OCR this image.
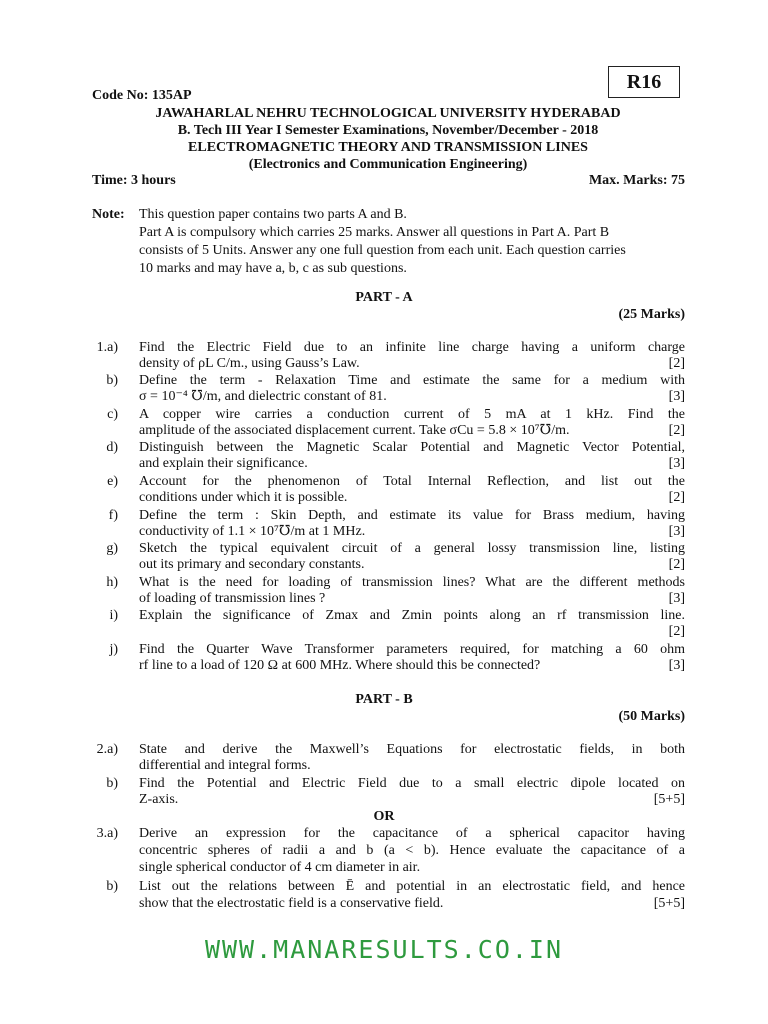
R16
Code No: 135AP
JAWAHARLAL NEHRU TECHNOLOGICAL UNIVERSITY HYDERABAD
B. Tech III Year I Semester Examinations, November/December - 2018
ELECTROMAGNETIC THEORY AND TRANSMISSION LINES
(Electronics and Communication Engineering)
Time: 3 hours	Max. Marks: 75
Note: This question paper contains two parts A and B.
Part A is compulsory which carries 25 marks. Answer all questions in Part A. Part B
consists of 5 Units. Answer any one full question from each unit. Each question carries
10 marks and may have a, b, c as sub questions.
PART - A
(25 Marks)
1.a) Find the Electric Field due to an infinite line charge having a uniform charge
density of ρL C/m., using Gauss’s Law.	[2]
b) Define the term - Relaxation Time and estimate the same for a medium with
σ = 10⁻⁴ ℧/m, and dielectric constant of 81.	[3]
c) A copper wire carries a conduction current of 5 mA at 1 kHz. Find the
amplitude of the associated displacement current. Take σCu = 5.8 × 10⁷℧/m.	[2]
d) Distinguish between the Magnetic Scalar Potential and Magnetic Vector Potential,
and explain their significance.	[3]
e) Account for the phenomenon of Total Internal Reflection, and list out the
conditions under which it is possible.	[2]
f) Define the term : Skin Depth, and estimate its value for Brass medium, having
conductivity of 1.1 × 10⁷℧/m at 1 MHz.	[3]
g) Sketch the typical equivalent circuit of a general lossy transmission line, listing
out its primary and secondary constants.	[2]
h) What is the need for loading of transmission lines? What are the different methods
of loading of transmission lines ?	[3]
i) Explain the significance of Zmax and Zmin points along an rf transmission line.
[2]
j) Find the Quarter Wave Transformer parameters required, for matching a 60 ohm
rf line to a load of 120 Ω at 600 MHz. Where should this be connected?	[3]
PART - B
(50 Marks)
2.a) State and derive the Maxwell’s Equations for electrostatic fields, in both
differential and integral forms.
b) Find the Potential and Electric Field due to a small electric dipole located on
Z-axis.	[5+5]
OR
3.a) Derive an expression for the capacitance of a spherical capacitor having
concentric spheres of radii a and b (a < b). Hence evaluate the capacitance of a
single spherical conductor of 4 cm diameter in air.
b) List out the relations between Ē and potential in an electrostatic field, and hence
show that the electrostatic field is a conservative field.	[5+5]
WWW.MANARESULTS.CO.IN
